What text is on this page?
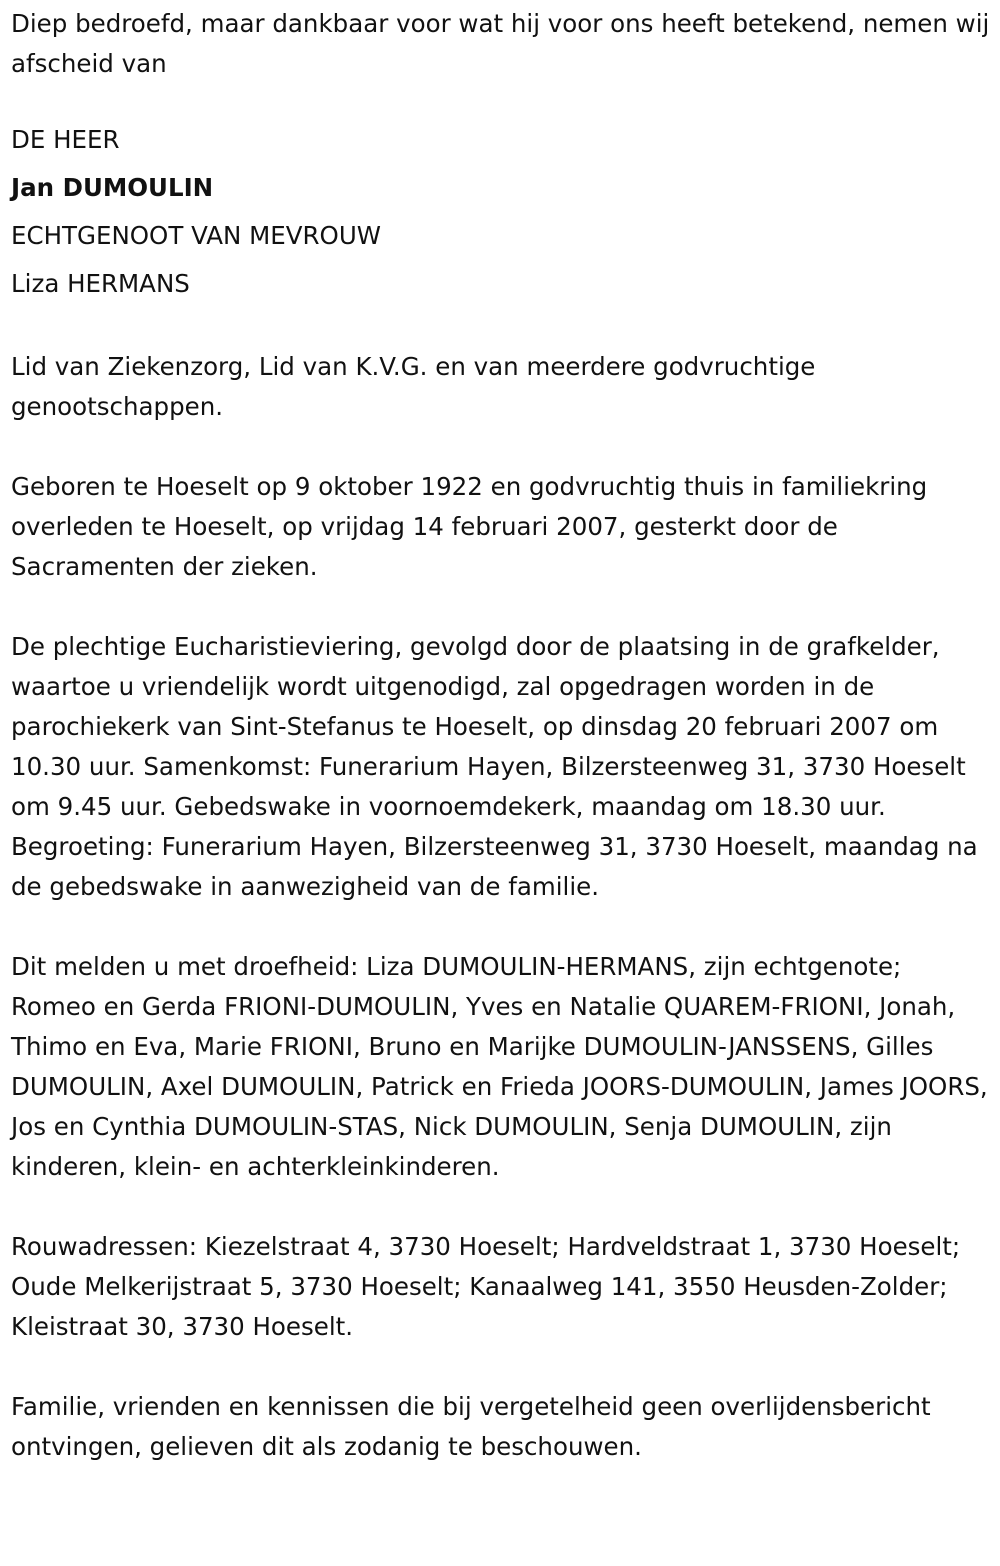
Diep bedroefd, maar dankbaar voor wat hij voor ons heeft betekend, nemen wij afscheid van

DE HEER

Jan DUMOULIN

ECHTGENOOT VAN MEVROUW

Liza HERMANS

Lid van Ziekenzorg, Lid van K.V.G. en van meerdere godvruchtige genootschappen.

Geboren te Hoeselt op 9 oktober 1922 en godvruchtig thuis in familiekring overleden te Hoeselt, op vrijdag 14 februari 2007, gesterkt door de Sacramenten der zieken.

De plechtige Eucharistieviering, gevolgd door de plaatsing in de grafkelder, waartoe u vriendelijk wordt uitgenodigd, zal opgedragen worden in de parochiekerk van Sint-Stefanus te Hoeselt, op dinsdag 20 februari 2007 om 10.30 uur. Samenkomst: Funerarium Hayen, Bilzersteenweg 31, 3730 Hoeselt om 9.45 uur. Gebedswake in voornoemdekerk, maandag om 18.30 uur. Begroeting: Funerarium Hayen, Bilzersteenweg 31, 3730 Hoeselt, maandag na de gebedswake in aanwezigheid van de familie.

Dit melden u met droefheid: Liza DUMOULIN-HERMANS, zijn echtgenote; Romeo en Gerda FRIONI-DUMOULIN, Yves en Natalie QUAREM-FRIONI, Jonah, Thimo en Eva, Marie FRIONI, Bruno en Marijke DUMOULIN-JANSSENS, Gilles DUMOULIN, Axel DUMOULIN, Patrick en Frieda JOORS-DUMOULIN, James JOORS, Jos en Cynthia DUMOULIN-STAS, Nick DUMOULIN, Senja DUMOULIN, zijn kinderen, klein- en achterkleinkinderen.

Rouwadressen: Kiezelstraat 4, 3730 Hoeselt; Hardveldstraat 1, 3730 Hoeselt; Oude Melkerijstraat 5, 3730 Hoeselt; Kanaalweg 141, 3550 Heusden-Zolder; Kleistraat 30, 3730 Hoeselt.

Familie, vrienden en kennissen die bij vergetelheid geen overlijdensbericht ontvingen, gelieven dit als zodanig te beschouwen.
